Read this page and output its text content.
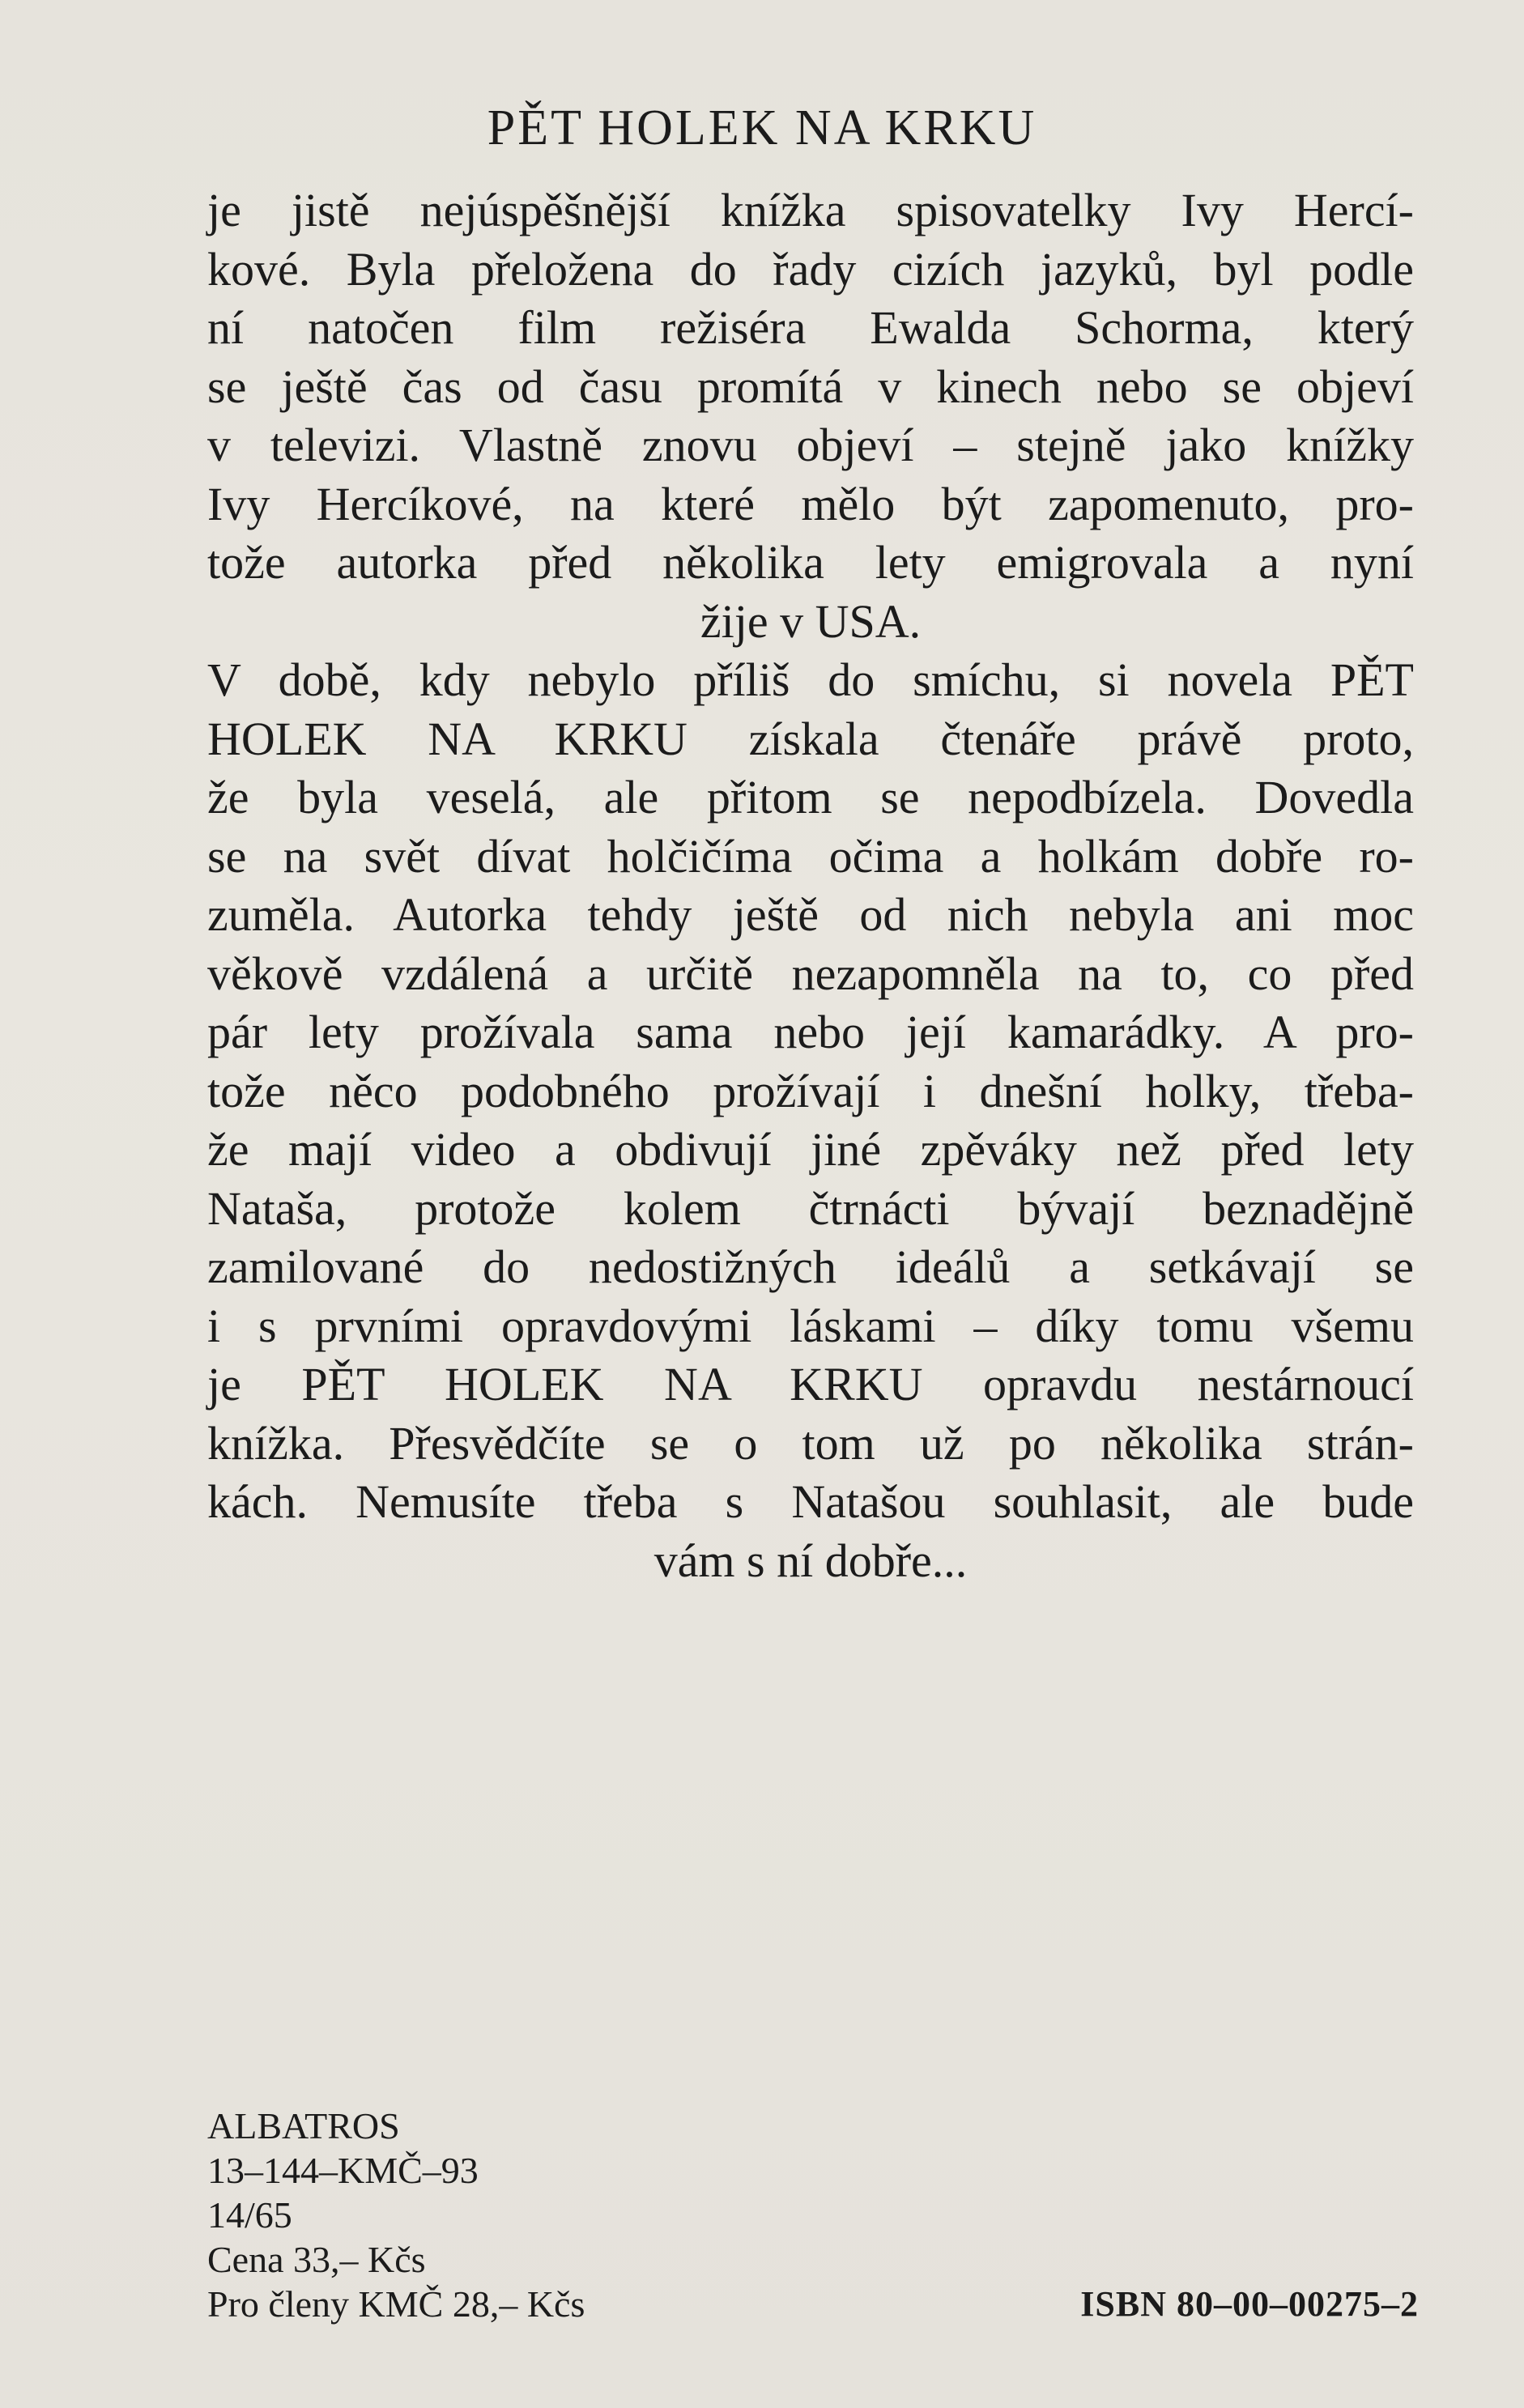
PĚT HOLEK NA KRKU
je jistě nejúspěšnější knížka spisovatelky Ivy Hercí-
kové. Byla přeložena do řady cizích jazyků, byl podle
ní natočen film režiséra Ewalda Schorma, který
se ještě čas od času promítá v kinech nebo se objeví
v televizi. Vlastně znovu objeví – stejně jako knížky
Ivy Hercíkové, na které mělo být zapomenuto, pro-
tože autorka před několika lety emigrovala a nyní
žije v USA.
V době, kdy nebylo příliš do smíchu, si novela PĚT
HOLEK NA KRKU získala čtenáře právě proto,
že byla veselá, ale přitom se nepodbízela. Dovedla
se na svět dívat holčičíma očima a holkám dobře ro-
zuměla. Autorka tehdy ještě od nich nebyla ani moc
věkově vzdálená a určitě nezapomněla na to, co před
pár lety prožívala sama nebo její kamarádky. A pro-
tože něco podobného prožívají i dnešní holky, třeba-
že mají video a obdivují jiné zpěváky než před lety
Nataša, protože kolem čtrnácti bývají beznadějně
zamilované do nedostižných ideálů a setkávají se
i s prvními opravdovými láskami – díky tomu všemu
je PĚT HOLEK NA KRKU opravdu nestárnoucí
knížka. Přesvědčíte se o tom už po několika strán-
kách. Nemusíte třeba s Natašou souhlasit, ale bude
vám s ní dobře...
ALBATROS
13–144–KMČ–93
14/65
Cena 33,– Kčs
Pro členy KMČ 28,– Kčs	ISBN 80–00–00275–2
